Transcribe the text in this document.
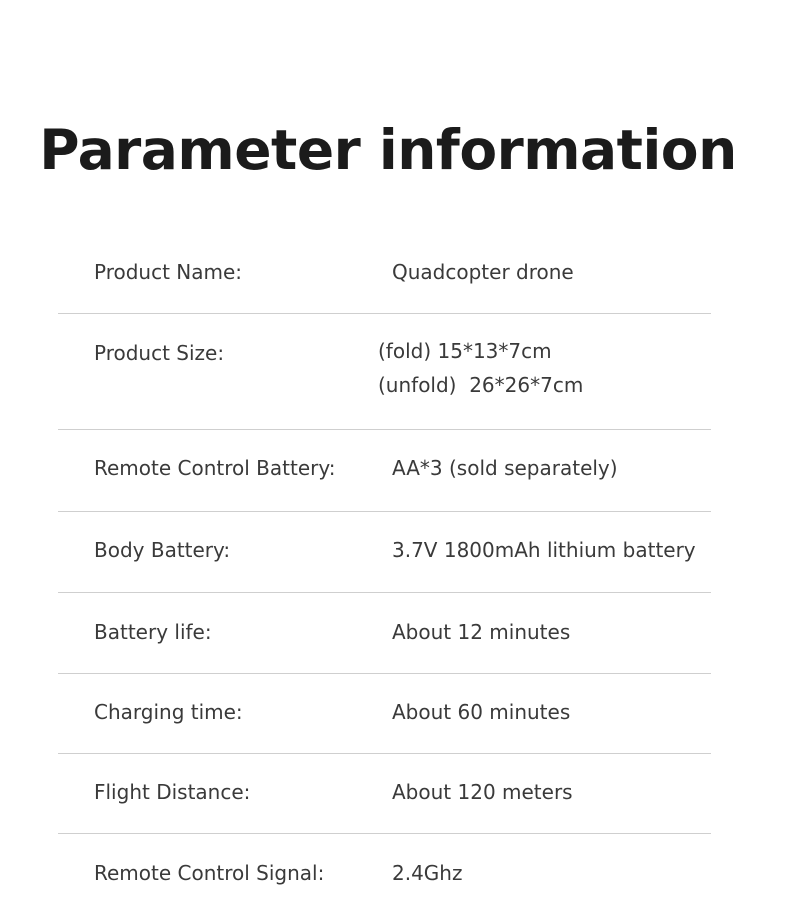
Parameter information
Product Name:	Quadcopter drone
Product Size:	(fold) 15*13*7cm
(unfold)  26*26*7cm
Remote Control Battery:	AA*3 (sold separately)
Body Battery:	3.7V 1800mAh lithium battery
Battery life:	About 12 minutes
Charging time:	About 60 minutes
Flight Distance:	About 120 meters
Remote Control Signal:	2.4Ghz
